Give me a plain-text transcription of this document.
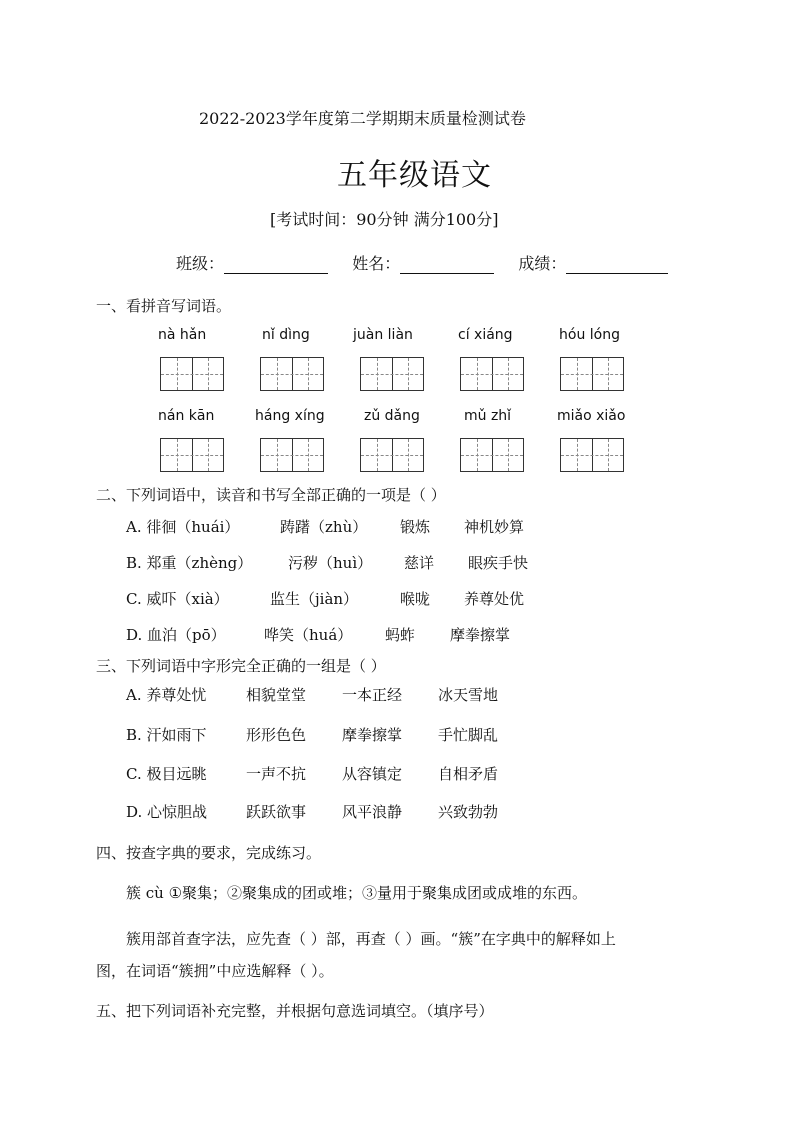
2022-2023学年度第二学期期末质量检测试卷
五年级语文
[考试时间：90分钟 满分100分]
班级：	姓名：	成绩：
一、看拼音写词语。
nà hǎn	nǐ dìng	juàn liàn	cí xiáng	hóu lóng
nán kān	háng xíng	zǔ dǎng	mǔ zhǐ	miǎo xiǎo
二、下列词语中，读音和书写全部正确的一项是（ ）
A. 徘徊（huái）	踌躇（zhù） 锻炼 神机妙算
B. 郑重（zhèng） 污秽（huì） 慈详 眼疾手快
C. 威吓（xià）	监生（jiàn）	喉咙 养尊处优
D. 血泊（pō）	哗笑（huá） 蚂蚱 摩拳擦掌
三、下列词语中字形完全正确的一组是（ ）
A. 养尊处忧	相貌堂堂 一本正经 冰天雪地
B. 汗如雨下	形形色色 摩拳擦掌 手忙脚乱
C. 极目远眺	一声不抗 从容镇定 自相矛盾
D. 心惊胆战	跃跃欲事 风平浪静 兴致勃勃
四、按查字典的要求，完成练习。
簇 cù ①聚集；②聚集成的团或堆；③量用于聚集成团或成堆的东西。
簇用部首查字法，应先查（ ）部，再查（ ）画。“簇”在字典中的解释如上
图，在词语“簇拥”中应选解释（ ）。
五、把下列词语补充完整，并根据句意选词填空。（填序号）
